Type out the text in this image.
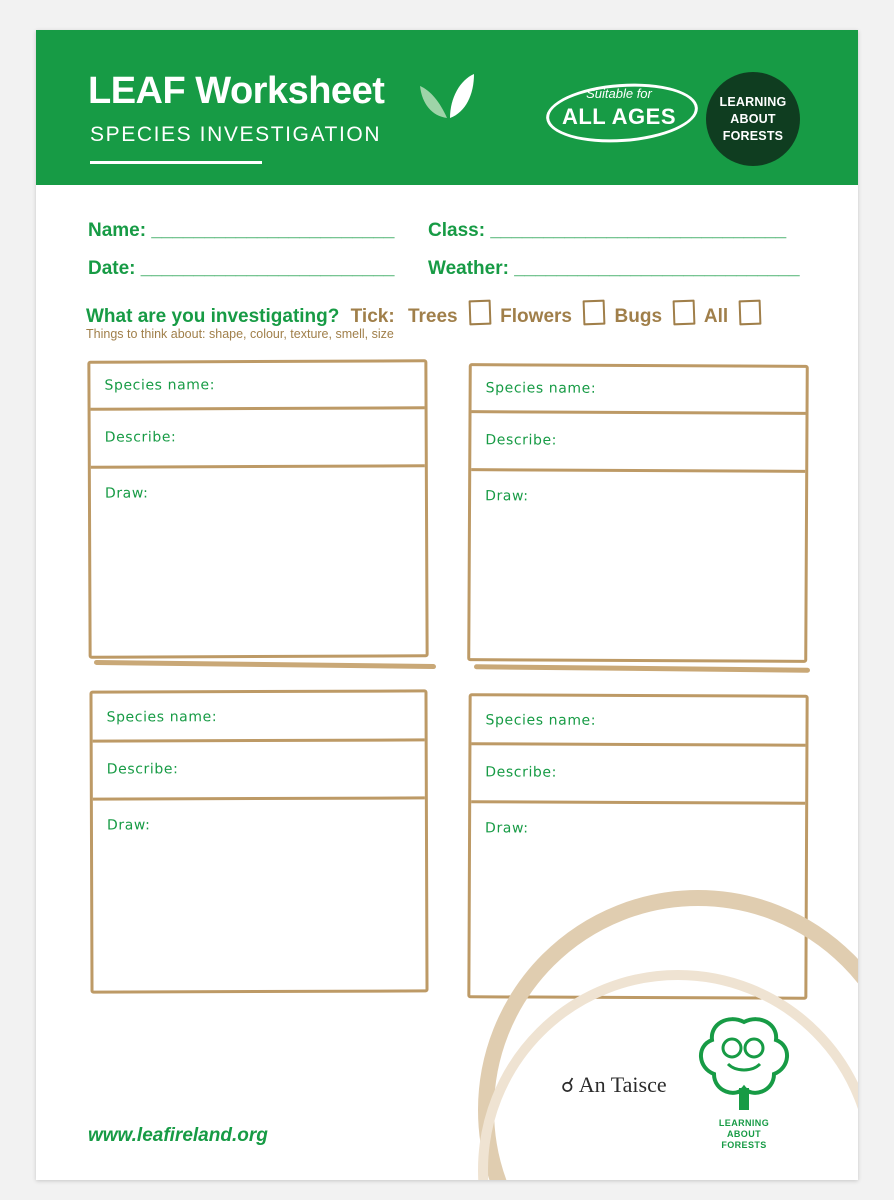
LEAF Worksheet
SPECIES INVESTIGATION
Suitable for
ALL AGES
LEARNING
ABOUT
FORESTS
Name: _______________________ Class: ____________________________
Date: ________________________ Weather: ___________________________
What are you investigating? Tick: Trees Flowers Bugs All
Things to think about: shape, colour, texture, smell, size
Species name:
Describe:
Draw:
Species name:
Describe:
Draw:
Species name:
Describe:
Draw:
Species name:
Describe:
Draw:
☌ An Taisce
LEARNING
ABOUT
FORESTS
www.leafireland.org
